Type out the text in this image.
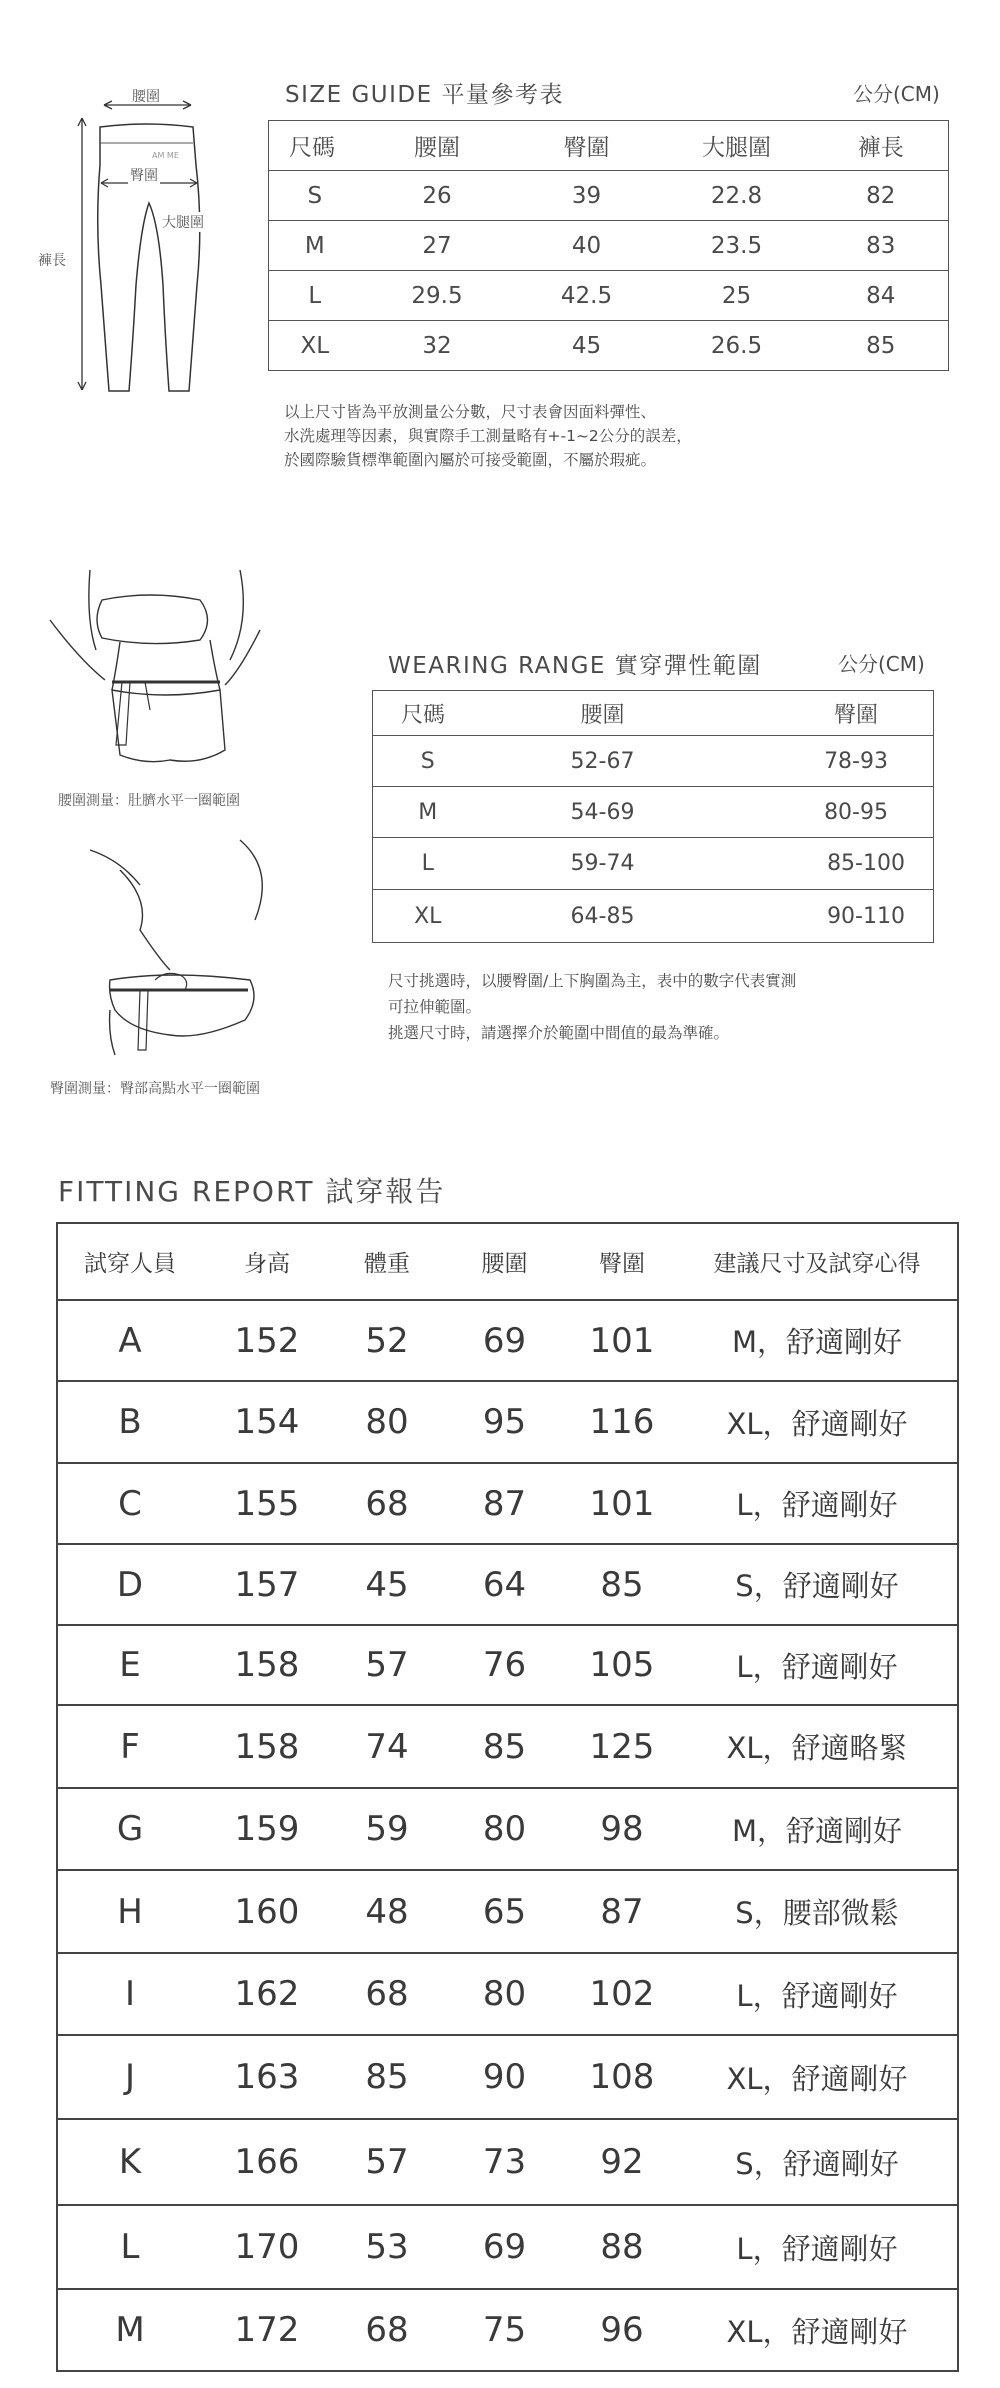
腰圍
AM ME
臀圍
大腿圍
褲長
SIZE GUIDE 平量參考表	公分(CM)
尺碼	腰圍	臀圍	大腿圍	褲長
S	26	39	22.8	82
M	27	40	23.5	83
L	29.5	42.5	25	84
XL	32	45	26.5	85
以上尺寸皆為平放測量公分數，尺寸表會因面料彈性、
水洗處理等因素，與實際手工測量略有+-1~2公分的誤差，
於國際驗貨標準範圍內屬於可接受範圍，不屬於瑕疵。
腰圍測量：肚臍水平一圈範圍
臀圍測量：臀部高點水平一圈範圍
WEARING RANGE 實穿彈性範圍	公分(CM)
尺碼	腰圍	臀圍
S	52-67	78-93
M	54-69	80-95
L	59-74	85-100
XL	64-85	90-110
尺寸挑選時，以腰臀圍/上下胸圍為主，表中的數字代表實測
可拉伸範圍。
挑選尺寸時，請選擇介於範圍中間值的最為準確。
FITTING REPORT 試穿報告
試穿人員	身高	體重	腰圍	臀圍	建議尺寸及試穿心得
A	152	52	69	101	M，舒適剛好
B	154	80	95	116	XL，舒適剛好
C	155	68	87	101	L，舒適剛好
D	157	45	64	85	S，舒適剛好
E	158	57	76	105	L，舒適剛好
F	158	74	85	125	XL，舒適略緊
G	159	59	80	98	M，舒適剛好
H	160	48	65	87	S，腰部微鬆
I	162	68	80	102	L，舒適剛好
J	163	85	90	108	XL，舒適剛好
K	166	57	73	92	S，舒適剛好
L	170	53	69	88	L，舒適剛好
M	172	68	75	96	XL，舒適剛好
